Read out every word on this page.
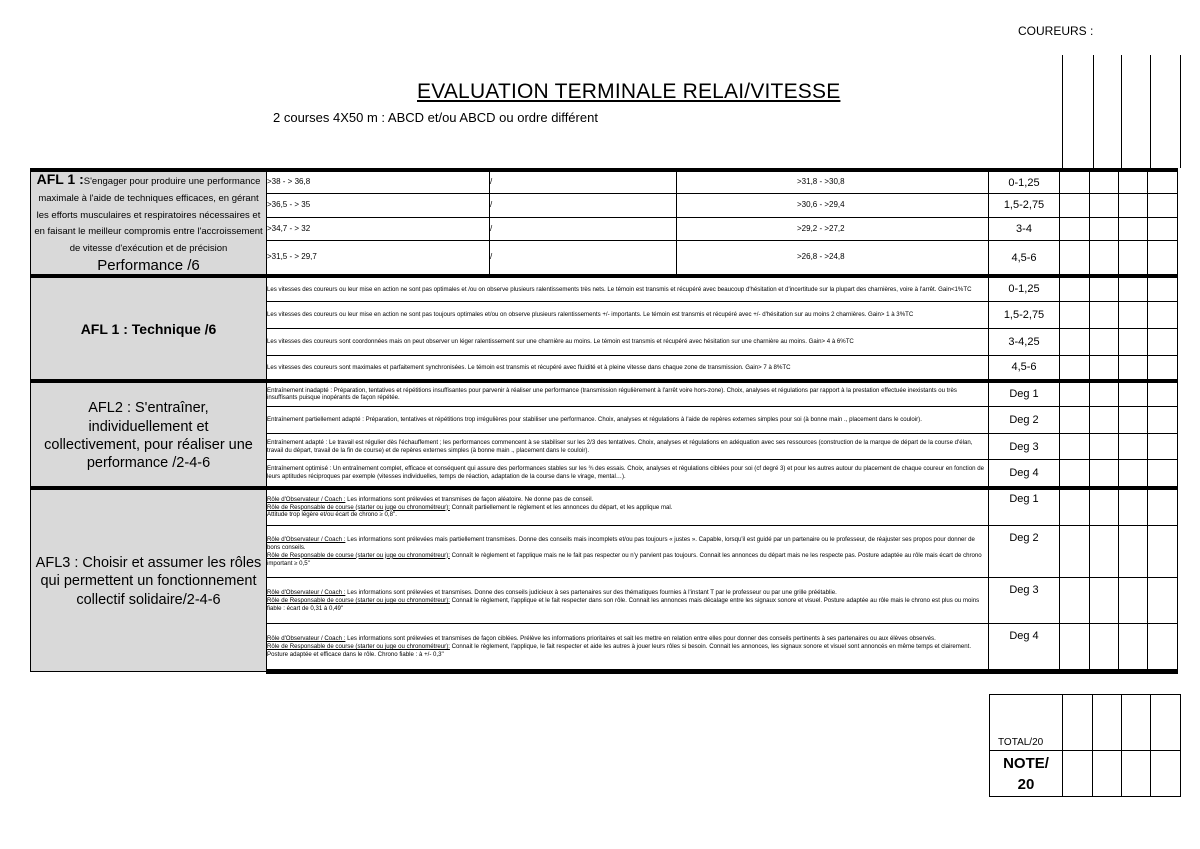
COUREURS :
EVALUATION TERMINALE RELAI/VITESSE
2 courses 4X50 m : ABCD et/ou ABCD ou ordre différent
AFL 1 :S'engager pour produire une performance maximale à l'aide de techniques efficaces, en gérant les efforts musculaires et respiratoires nécessaires et en faisant le meilleur compromis entre l'accroissement de vitesse d'exécution et de précision
Performance /6	>38 - > 36,8	/	>31,8 - >30,8	0-1,25				
	>36,5 - > 35	/	>30,6 - >29,4	1,5-2,75				
	>34,7 - > 32	/	>29,2 - >27,2	3-4				
	>31,5 - > 29,7	/	>26,8 - >24,8	4,5-6				

AFL 1 : Technique /6	Les vitesses des coureurs ou leur mise en action ne sont pas optimales et /ou on observe plusieurs ralentissements très nets. Le témoin est transmis et récupéré avec beaucoup d'hésitation et d'incertitude sur la plupart des charnières, voire à l'arrêt. Gain<1%TC			0-1,25				
	Les vitesses des coureurs ou leur mise en action ne sont pas toujours optimales et/ou on observe plusieurs ralentissements +/- importants. Le témoin est transmis et récupéré avec +/- d'hésitation sur au moins 2 charnières. Gain> 1 à 3%TC			1,5-2,75				
	Les vitesses des coureurs sont coordonnées mais on peut observer un léger ralentissement sur une charnière au moins. Le témoin est transmis et récupéré avec hésitation sur une charnière au moins. Gain> 4 à 6%TC			3-4,25				
	Les vitesses des coureurs sont maximales et parfaitement synchronisées. Le témoin est transmis et récupéré avec fluidité et à pleine vitesse dans chaque zone de transmission. Gain> 7 à 8%TC			4,5-6				

AFL2 : S'entraîner, individuellement et collectivement, pour réaliser une performance /2-4-6	Entraînement inadapté : Préparation, tentatives et répétitions insuffisantes pour parvenir à réaliser une performance (transmission régulièrement à l'arrêt voire hors-zone). Choix, analyses et régulations par rapport à la prestation effectuée inexistants ou très insuffisants puisque inopérants de façon répétée.			Deg 1				
	Entraînement partiellement adapté : Préparation, tentatives et répétitions trop irrégulières pour stabiliser une performance. Choix, analyses et régulations à l'aide de repères externes simples pour soi (à bonne main ., placement dans le couloir).			Deg 2				
	Entraînement adapté : Le travail est régulier dès l'échauffement ; les performances commencent à se stabiliser sur les 2/3 des tentatives. Choix, analyses et régulations en adéquation avec ses ressources (construction de la marque de départ de la course d'élan, travail du départ, travail de la fin de course) et de repères externes simples (à bonne main ., placement dans le couloir).			Deg 3				
	Entraînement optimisé : Un entraînement complet, efficace et conséquent qui assure des performances stables sur les ¾ des essais. Choix, analyses et régulations ciblées pour soi (cf degré 3) et pour les autres autour du placement de chaque coureur en fonction de leurs aptitudes réciproques par exemple (vitesses individuelles, temps de réaction, adaptation de la course dans le virage, mental…).			Deg 4				

AFL3 : Choisir et assumer les rôles qui permettent un fonctionnement collectif solidaire/2-4-6	Rôle d'Observateur / Coach : Les informations sont prélevées et transmises de façon aléatoire. Ne donne pas de conseil.
Rôle de Responsable de course (starter ou juge ou chronométreur): Connaît partiellement le règlement et les annonces du départ, et les applique mal.
Attitude trop légère et/ou écart de chrono ≥ 0,8''.			Deg 1				

	Rôle d'Observateur / Coach : Les informations sont prélevées mais partiellement transmises. Donne des conseils mais incomplets et/ou pas toujours « justes ». Capable, lorsqu'il est guidé par un partenaire ou le professeur, de réajuster ses propos pour donner de bons conseils.
Rôle de Responsable de course (starter ou juge ou chronométreur): Connaît le règlement et l'applique mais ne le fait pas respecter ou n'y parvient pas toujours. Connait les annonces du départ mais ne les respecte pas. Posture adaptée au rôle mais écart de chrono important ≥ 0,5''			Deg 2				

	Rôle d'Observateur / Coach : Les informations sont prélevées et transmises. Donne des conseils judicieux à ses partenaires sur des thématiques fournies à l'instant T par le professeur ou par une grille préétablie.
Rôle de Responsable de course (starter ou juge ou chronométreur): Connait le règlement, l'applique et le fait respecter dans son rôle. Connait les annonces mais décalage entre les signaux sonore et visuel. Posture adaptée au rôle mais le chrono est plus ou moins fiable : écart de 0,31 à 0,49''			Deg 3				

	Rôle d'Observateur / Coach : Les informations sont prélevées et transmises de façon ciblées. Prélève les informations prioritaires et sait les mettre en relation entre elles pour donner des conseils pertinents à ses partenaires ou aux élèves observés.
Rôle de Responsable de course (starter ou juge ou chronométreur): Connait le règlement, l'applique, le fait respecter et aide les autres à jouer leurs rôles si besoin. Connait les annonces, les signaux sonore et visuel sont annoncés en même temps et clairement. Posture adaptée et efficace dans le rôle. Chrono fiable : à +/- 0,3''			Deg 4				
TOTAL/20				
NOTE/ 20				
